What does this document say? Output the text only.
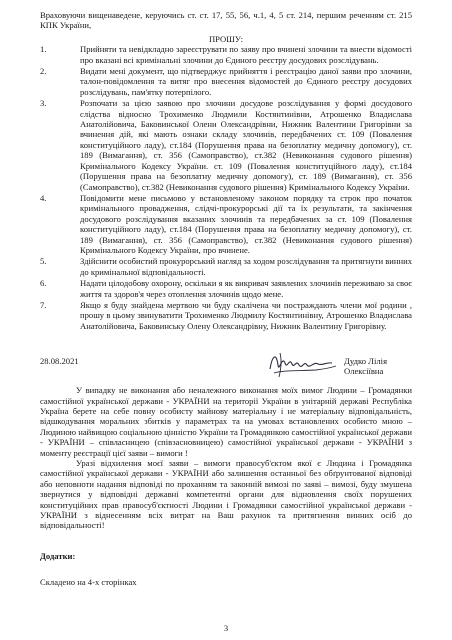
Враховуючи вищенаведене, керуючись ст. ст. 17, 55, 56, ч.1, 4, 5 ст. 214, першим реченням ст. 215 КПК України,

ПРОШУ:

1.	Прийняти та невідкладно зареєструвати по заяву про вчинені злочини та внести відомості про вказані всі кримінальні злочини до Єдиного реєстру досудових розслідувань.
2.	Видати мені документ, що підтверджує прийняття і реєстрацію даної заяви про злочини, талон-повідомлення та витяг про внесення відомостей до Єдиного реєстру досудових розслідувань, пам'ятку потерпілого.
3.	Розпочати за цією заявою про злочини досудове розслідування у формі досудового слідства відносно Трохименко Людмили Костянтинівни, Атрошенко Владислава Анатолійовича, Баковинської Олени Олександрівни, Нижник Валентини Григорівни за вчинення дій, які мають ознаки складу злочинів, передбачених ст. 109 (Повалення конституційного ладу), ст.184 (Порушення права на безоплатну медичну допомогу), ст. 189 (Вимагання), ст. 356 (Самоправство), ст.382 (Невиконання судового рішення) Кримінального Кодексу України. ст. 109 (Повалення конституційного ладу), ст.184 (Порушення права на безоплатну медичну допомогу), ст. 189 (Вимагання), ст. 356 (Самоправство), ст.382 (Невиконання судового рішення) Кримінального Кодексу України.
4.	Повідомити мене письмово у встановленому законом порядку та строк про початок кримінального провадження, слідчі-прокурорські дії та їх результати, та закінчення досудового розслідування вказаних злочинів та передбачених за ст. 109 (Повалення конституційного ладу), ст.184 (Порушення права на безоплатну медичну допомогу), ст. 189 (Вимагання), ст. 356 (Самоправство), ст.382 (Невиконання судового рішення) Кримінального Кодексу України, про вчинене.
5.	Здійснити особистий прокурорський нагляд за ходом розслідування та притягнути винних до кримінальної відповідальності.
6.	Надати цілодобову охорону, оскільки я як викривач заявлених злочинів переживаю за своє життя та здоров'я через отоплення злочинів щодо мене.
7.	Якщо я буду знайдена мертвою чи буду скалічена чи постраждають члени мої родини , прошу в цьому звинуватити Трохименко Людмилу Костянтинівну, Атрошенко Владислава Анатолійовича, Баковинську Олену Олександрівну, Нижник Валентину Григорівну.
28.08.2021	Дудко Лілія Олексіївна

У випадку не виконання або неналежного виконання моїх вимог Людини – Громадянки самостійної української держави - УКРАЇНИ на території України в унітарній державі Республіка Україна берете на себе повну особисту майнову матеріальну і не матеріальну відповідальність, відшкодування моральних збитків у параметрах та на умовах встановлених особисто мною – Людиною найвищою соціальною цінністю України та Громадянкою самостійної української держави - УКРАЇНИ – співласницею (співзасновницею) самостійної української держави - УКРАЇНИ з моменту реєстрації цієї заяви – вимоги !

Уразі відхилення моєї заяви – вимоги правосуб'єктом якої є Людина і Громадянка самостійної української держави - УКРАЇНИ або залишення останньої без обґрунтованої відповіді або неповноти надання відповіді по проханням та законній вимозі по заяві – вимозі, буду змушена звернутися у відповідні державні компетентні органи для відновлення своїх порушених конституційних прав правосуб'єктності Людини і Громадянки самостійної української держави - УКРАЇНИ з віднесенням всіх витрат на Ваш рахунок та притягнення винних осіб до відповідальності!

Додатки:

Складено на 4-х сторінках

3
